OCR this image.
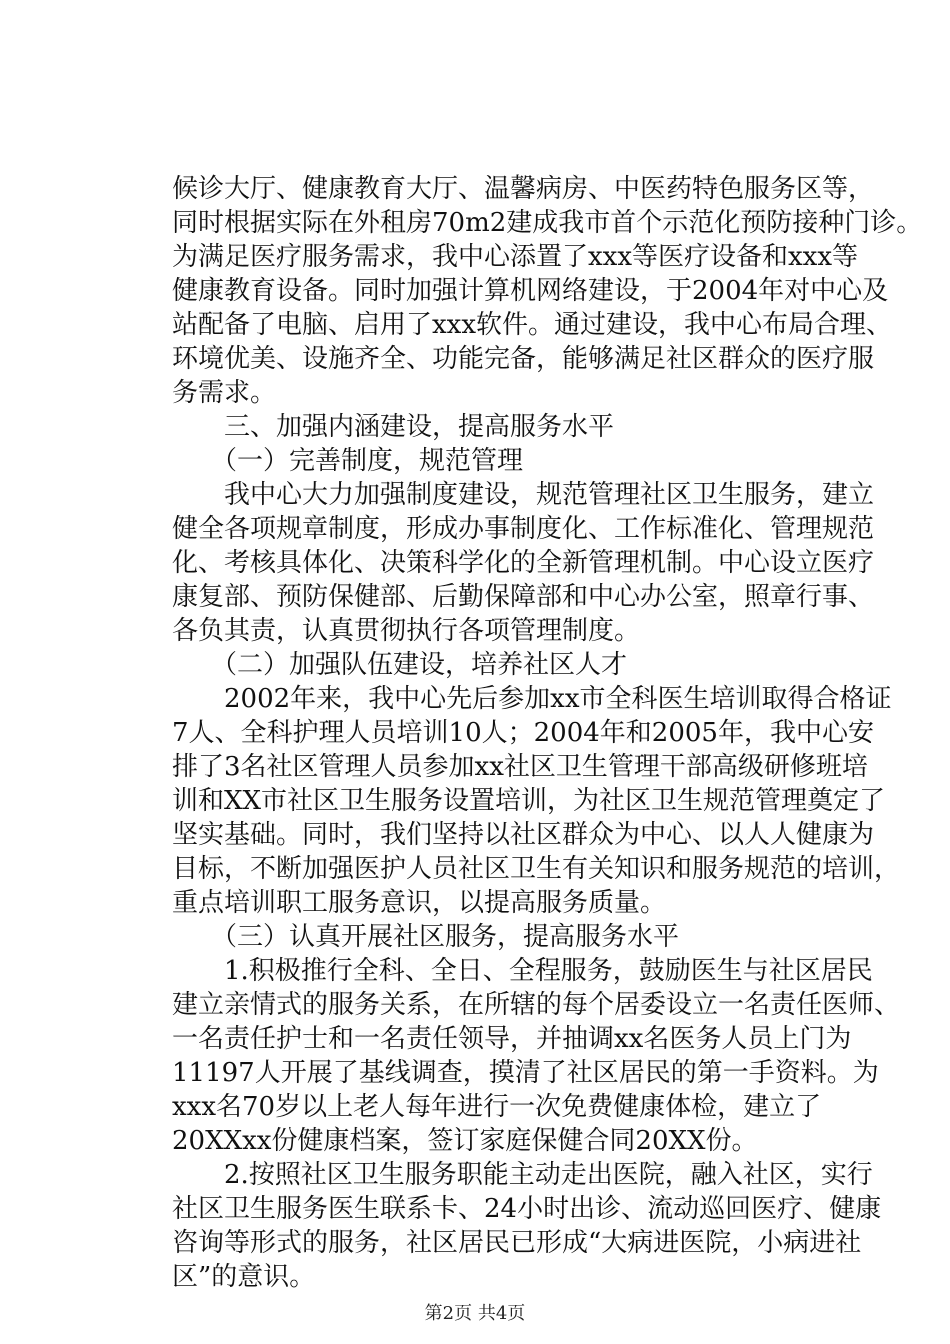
候诊大厅、健康教育大厅、温馨病房、中医药特色服务区等，
同时根据实际在外租房70m2建成我市首个示范化预防接种门诊。
为满足医疗服务需求，我中心添置了xxx等医疗设备和xxx等
健康教育设备。同时加强计算机网络建设，于2004年对中心及
站配备了电脑、启用了xxx软件。通过建设，我中心布局合理、
环境优美、设施齐全、功能完备，能够满足社区群众的医疗服
务需求。
　　三、加强内涵建设，提高服务水平
　　（一）完善制度，规范管理
　　我中心大力加强制度建设，规范管理社区卫生服务，建立
健全各项规章制度，形成办事制度化、工作标准化、管理规范
化、考核具体化、决策科学化的全新管理机制。中心设立医疗
康复部、预防保健部、后勤保障部和中心办公室，照章行事、
各负其责，认真贯彻执行各项管理制度。
　　（二）加强队伍建设，培养社区人才
　　2002年来，我中心先后参加xx市全科医生培训取得合格证
7人、全科护理人员培训10人；2004年和2005年，我中心安
排了3名社区管理人员参加xx社区卫生管理干部高级研修班培
训和XX市社区卫生服务设置培训，为社区卫生规范管理奠定了
坚实基础。同时，我们坚持以社区群众为中心、以人人健康为
目标，不断加强医护人员社区卫生有关知识和服务规范的培训，
重点培训职工服务意识，以提高服务质量。
　　（三）认真开展社区服务，提高服务水平
　　1.积极推行全科、全日、全程服务，鼓励医生与社区居民
建立亲情式的服务关系，在所辖的每个居委设立一名责任医师、
一名责任护士和一名责任领导，并抽调xx名医务人员上门为
11197人开展了基线调查，摸清了社区居民的第一手资料。为
xxx名70岁以上老人每年进行一次免费健康体检，建立了
20XXxx份健康档案，签订家庭保健合同20XX份。
　　2.按照社区卫生服务职能主动走出医院，融入社区，实行
社区卫生服务医生联系卡、24小时出诊、流动巡回医疗、健康
咨询等形式的服务，社区居民已形成“大病进医院，小病进社
区”的意识。
第2页 共4页
